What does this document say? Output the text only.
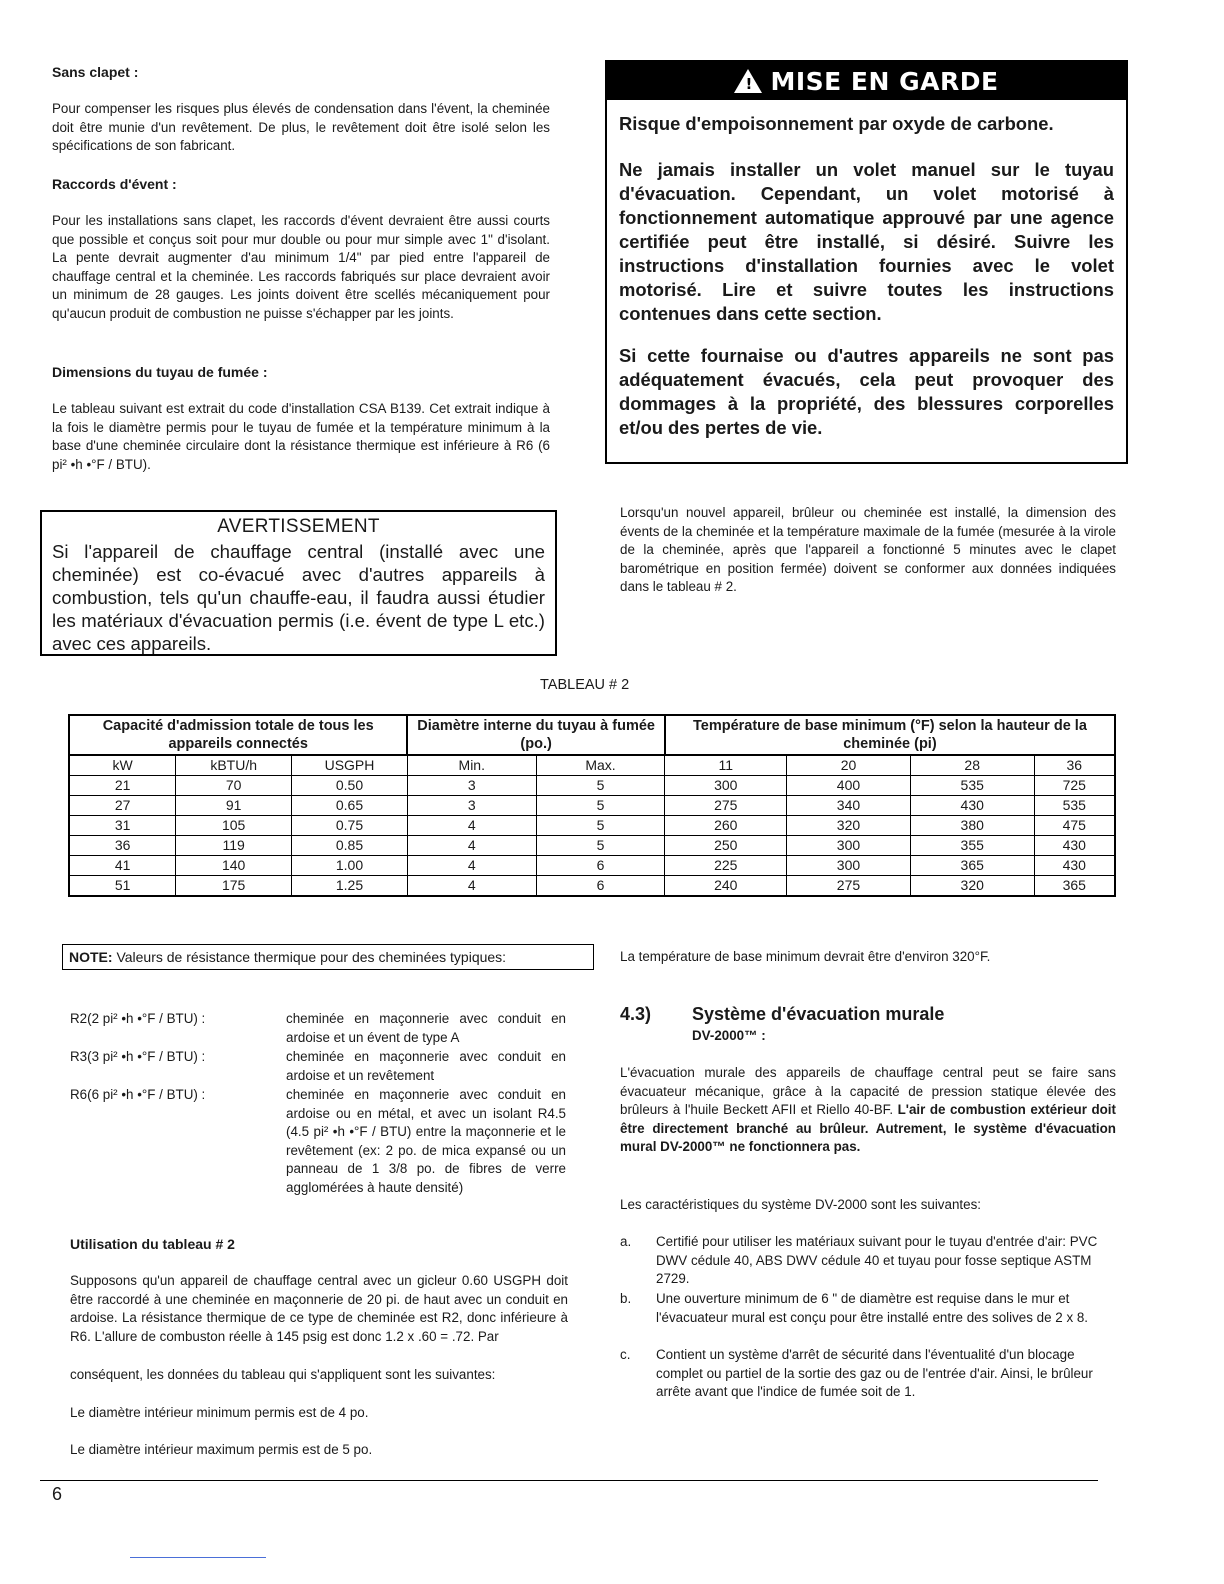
Sans clapet :

Pour compenser les risques plus élevés de condensation dans l'évent, la cheminée doit être munie d'un revêtement. De plus, le revêtement doit être isolé selon les spécifications de son fabricant.

Raccords d'évent :

Pour les installations sans clapet, les raccords d'évent devraient être aussi courts que possible et conçus soit pour mur double ou pour mur simple avec 1" d'isolant. La pente devrait augmenter d'au minimum 1/4" par pied entre l'appareil de chauffage central et la cheminée. Les raccords fabriqués sur place devraient avoir un minimum de 28 gauges. Les joints doivent être scellés mécaniquement pour qu'aucun produit de combustion ne puisse s'échapper par les joints.

Dimensions du tuyau de fumée :

Le tableau suivant est extrait du code d'installation CSA B139. Cet extrait indique à la fois le diamètre permis pour le tuyau de fumée et la température minimum à la base d'une cheminée circulaire dont la résistance thermique est inférieure à R6 (6 pi² •h •°F / BTU).

! MISE EN GARDE

Risque d'empoisonnement par oxyde de carbone.

Ne jamais installer un volet manuel sur le tuyau d'évacuation. Cependant, un volet motorisé à fonctionnement automatique approuvé par une agence certifiée peut être installé, si désiré. Suivre les instructions d'installation fournies avec le volet motorisé. Lire et suivre toutes les instructions contenues dans cette section.

Si cette fournaise ou d'autres appareils ne sont pas adéquatement évacués, cela peut provoquer des dommages à la propriété, des blessures corporelles et/ou des pertes de vie.

Lorsqu'un nouvel appareil, brûleur ou cheminée est installé, la dimension des évents de la cheminée et la température maximale de la fumée (mesurée à la virole de la cheminée, après que l'appareil a fonctionné 5 minutes avec le clapet barométrique en position fermée) doivent se conformer aux données indiquées dans le tableau # 2.

AVERTISSEMENT

Si l'appareil de chauffage central (installé avec une cheminée) est co-évacué avec d'autres appareils à combustion, tels qu'un chauffe-eau, il faudra aussi étudier les matériaux d'évacuation permis (i.e. évent de type L etc.) avec ces appareils.

TABLEAU # 2

Capacité d'admission totale de tous les appareils connectés			Diamètre interne du tuyau à fumée (po.)		Température de base minimum (°F) selon la hauteur de la cheminée (pi)			
kW	kBTU/h	USGPH	Min.	Max.	11	20	28	36
21	70	0.50	3	5	300	400	535	725
27	91	0.65	3	5	275	340	430	535
31	105	0.75	4	5	260	320	380	475
36	119	0.85	4	5	250	300	355	430
41	140	1.00	4	6	225	300	365	430
51	175	1.25	4	6	240	275	320	365
NOTE: Valeurs de résistance thermique pour des cheminées typiques:	La température de base minimum devrait être d'environ 320°F.

R2(2 pi² •h •°F / BTU) :	cheminée en maçonnerie avec conduit en ardoise et un évent de type A
R3(3 pi² •h •°F / BTU) :	cheminée en maçonnerie avec conduit en ardoise et un revêtement
R6(6 pi² •h •°F / BTU) :	cheminée en maçonnerie avec conduit en ardoise ou en métal, et avec un isolant R4.5 (4.5 pi² •h •°F / BTU) entre la maçonnerie et le revêtement (ex: 2 po. de mica expansé ou un panneau de 1 3/8 po. de fibres de verre agglomérées à haute densité)

Utilisation du tableau # 2

Supposons qu'un appareil de chauffage central avec un gicleur 0.60 USGPH doit être raccordé à une cheminée en maçonnerie de 20 pi. de haut avec un conduit en ardoise. La résistance thermique de ce type de cheminée est R2, donc inférieure à R6. L'allure de combuston réelle à 145 psig est donc 1.2 x .60 = .72. Par

conséquent, les données du tableau qui s'appliquent sont les suivantes:

Le diamètre intérieur minimum permis est de 4 po.

Le diamètre intérieur maximum permis est de 5 po.

4.3) Système d'évacuation murale

DV-2000™ :

L'évacuation murale des appareils de chauffage central peut se faire sans évacuateur mécanique, grâce à la capacité de pression statique élevée des brûleurs à l'huile Beckett AFII et Riello 40-BF. L'air de combustion extérieur doit être directement branché au brûleur. Autrement, le système d'évacuation mural DV-2000™ ne fonctionnera pas.

Les caractéristiques du système DV-2000 sont les suivantes:

a. Certifié pour utiliser les matériaux suivant pour le tuyau d'entrée d'air: PVC DWV cédule 40, ABS DWV cédule 40 et tuyau pour fosse septique ASTM 2729.
b. Une ouverture minimum de 6 " de diamètre est requise dans le mur et l'évacuateur mural est conçu pour être installé entre des solives de 2 x 8.
c. Contient un système d'arrêt de sécurité dans l'éventualité d'un blocage complet ou partiel de la sortie des gaz ou de l'entrée d'air. Ainsi, le brûleur arrête avant que l'indice de fumée soit de 1.

6
